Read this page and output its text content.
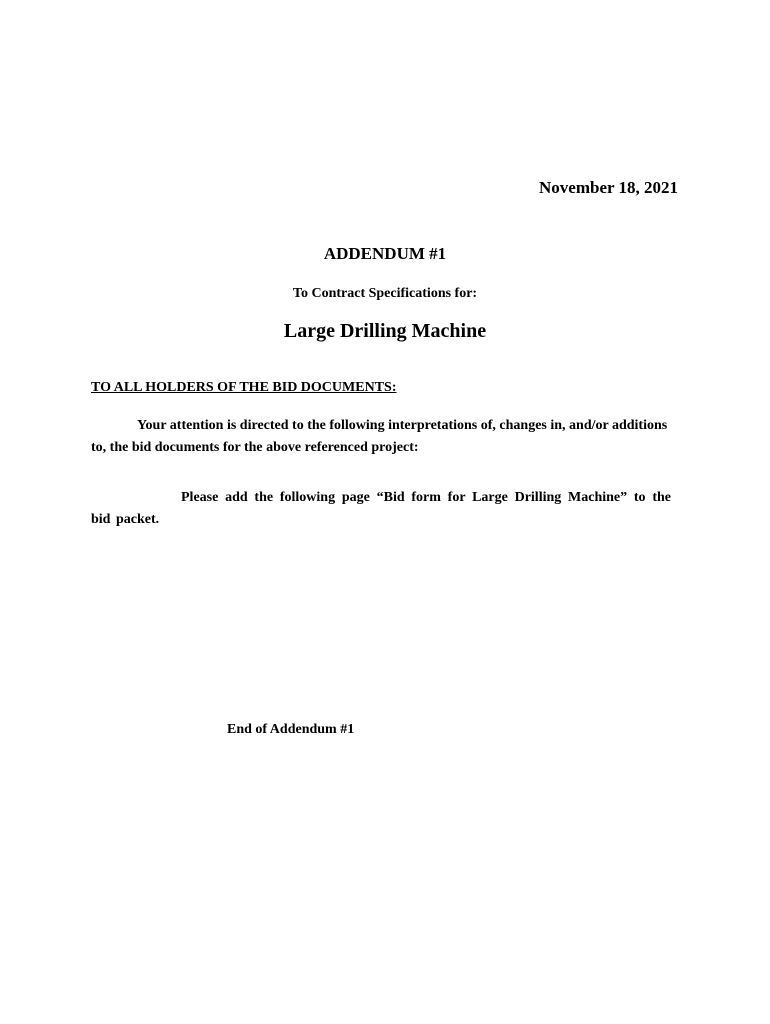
November 18, 2021
ADDENDUM #1
To Contract Specifications for:
Large Drilling Machine
TO ALL HOLDERS OF THE BID DOCUMENTS:
Your attention is directed to the following interpretations of, changes in, and/or additions to, the bid documents for the above referenced project:
Please add the following page “Bid form for Large Drilling Machine” to the bid packet.
End of Addendum #1
